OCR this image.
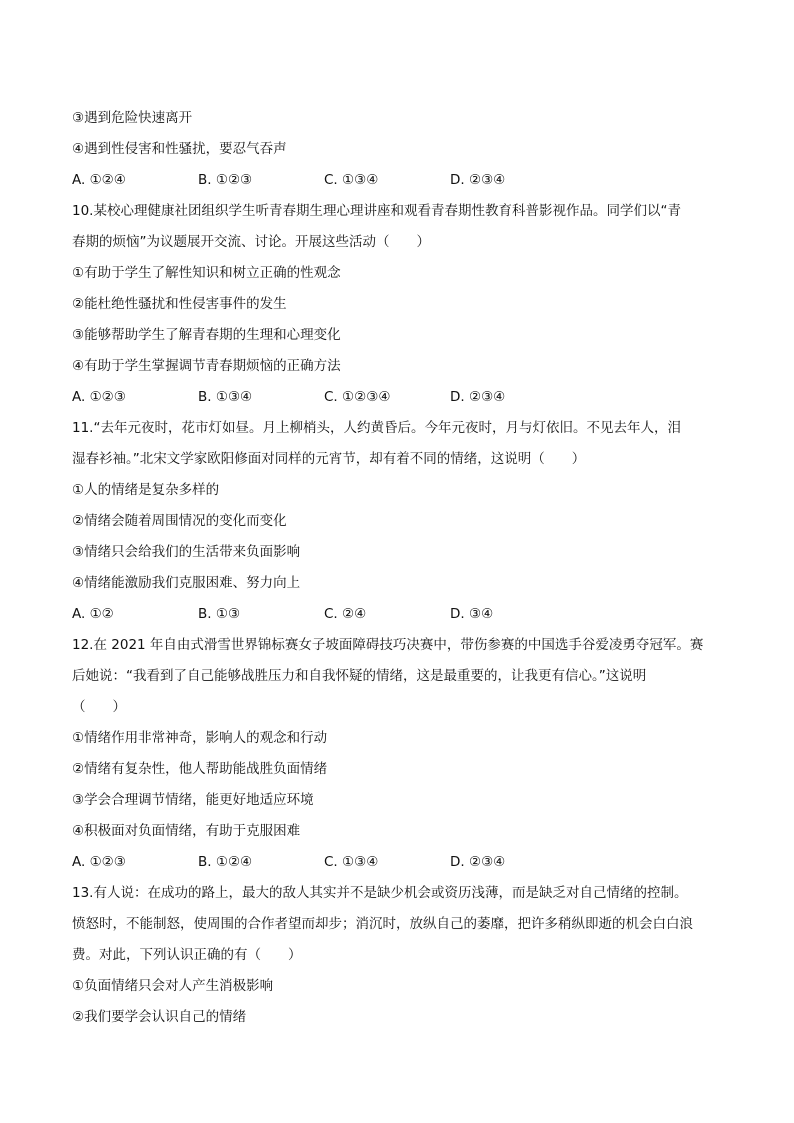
③遇到危险快速离开
④遇到性侵害和性骚扰，要忍气吞声
A. ①②④	B. ①②③	C. ①③④	D. ②③④
10.某校心理健康社团组织学生听青春期生理心理讲座和观看青春期性教育科普影视作品。同学们以“青
春期的烦恼”为议题展开交流、讨论。开展这些活动（　　）
①有助于学生了解性知识和树立正确的性观念
②能杜绝性骚扰和性侵害事件的发生
③能够帮助学生了解青春期的生理和心理变化
④有助于学生掌握调节青春期烦恼的正确方法
A. ①②③	B. ①③④	C. ①②③④	D. ②③④
11.“去年元夜时，花市灯如昼。月上柳梢头，人约黄昏后。今年元夜时，月与灯依旧。不见去年人，泪
湿春衫袖。”北宋文学家欧阳修面对同样的元宵节，却有着不同的情绪，这说明（　　）
①人的情绪是复杂多样的
②情绪会随着周围情况的变化而变化
③情绪只会给我们的生活带来负面影响
④情绪能激励我们克服困难、努力向上
A. ①②	B. ①③	C. ②④	D. ③④
12.在 2021 年自由式滑雪世界锦标赛女子坡面障碍技巧决赛中，带伤参赛的中国选手谷爱凌勇夺冠军。赛
后她说：“我看到了自己能够战胜压力和自我怀疑的情绪，这是最重要的，让我更有信心。”这说明
（　　）
①情绪作用非常神奇，影响人的观念和行动
②情绪有复杂性，他人帮助能战胜负面情绪
③学会合理调节情绪，能更好地适应环境
④积极面对负面情绪，有助于克服困难
A. ①②③	B. ①②④	C. ①③④	D. ②③④
13.有人说：在成功的路上，最大的敌人其实并不是缺少机会或资历浅薄，而是缺乏对自己情绪的控制。
愤怒时，不能制怒，使周围的合作者望而却步；消沉时，放纵自己的萎靡，把许多稍纵即逝的机会白白浪
费。对此，下列认识正确的有（　　）
①负面情绪只会对人产生消极影响
②我们要学会认识自己的情绪
